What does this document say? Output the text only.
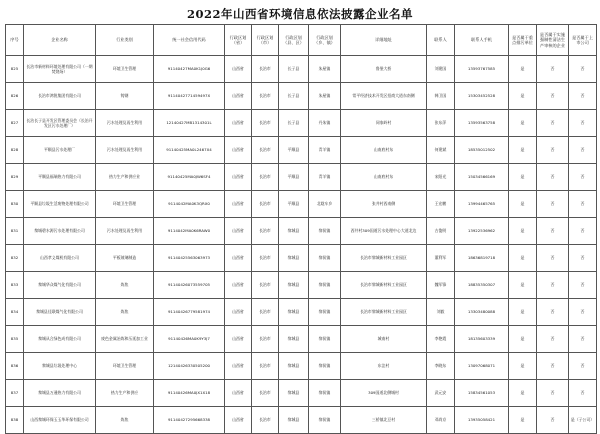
2022年山西省环境信息依法披露企业名单
序号	企业名称	行业类别	统一社会信用代码	行政区划（省）	行政区划（市）	行政区划（县、区）	行政区划（乡、镇）	详细地址	联系人	联系人手机	是否属于重点排污单位	是否属于实施强制性清洁生产审核的企业	是否属于上市公司
825	长治市新材料环境处理有限公司（一期焚烧场）	环境卫生管理	91140427MA0K1J0G6	山西省	长治市	长子县	朱屋镇	鲁堡大桥	刘建国	13593767585	是	否	否
826	长治市鸿锐集团有限公司	铸钢	9114042771459497X	山西省	长治市	长子县	朱屋镇	常平经济技术开发区招商大道东南侧	韩卫国	15303452528	是	否	否
827	长治长子县开发区管理委员会（长治开发区污水处理厂）	污水处理及再生利用	12140427MB1314301L	山西省	长治市	长子县	丹朱镇	同家岭村	张东萍	13593563758	是	否	否
828	平顺县污水处理厂	污水处理及再生利用	91140425MA0L2467X4	山西省	长治市	平顺县	青羊镇	山南底村东	何建斌	18535012502	是	否	否
829	平顺县福瑞热力有限公司	热力生产和供应业	91140425MA0JW6SF4	山西省	长治市	平顺县	青羊镇	山南底村东	宋阳光	15034566169	是	否	否
830	平顺县垃圾生活废物处理有限公司	环境卫生管理	9114042MA0K3QRX0	山西省	长治市	平顺县	北耽车乡	张井村西南侧	王宏鹏	13994465765	是	否	否
831	黎城碧水源污水处理有限公司	污水处理及再生利用	9114042MA0K6RAW0	山西省	长治市	黎城县	黎侯镇	西井村309国道污水处理中心大道北边	古俊明	13922536962	是	否	否
832	山西孝义煤机有限公司	平板玻璃制造	91140425563063973	山西省	长治市	黎城县	黎侯镇	长治市黎城新材料工业园区	董利军	18636819718	是	否	否
833	黎城华众煤气化有限公司	炼焦	91140426073559705	山西省	长治市	黎城县	黎侯镇	长治市黎城新材料工业园区	魏军锋	18835350307	是	否	否
834	黎城县佳联煤气化有限公司	炼焦	91140426779581974	山西省	长治市	黎城县	黎侯镇	长治市黎城新材料工业园区	刘毅	13303480088	是	否	否
835	黎城从合绿色成有限公司	废色金属冶炼和压延加工业	91140426MA0K9Y3J7	山西省	长治市	黎城县	黎侯镇	城南村	李艳霞	18135603339	是	否	否
836	黎城县垃圾处理中心	环境卫生管理	12140426330505200	山西省	长治市	黎城县	黎侯镇	东洼村	李晓东	13097068071	是	否	否
837	黎城县万通热力有限公司	热力生产和供应	91140426MA0JX1X18	山西省	长治市	黎城县	黎侯镇	309国道北侧城村	武元安	15834561053	是	否	否
838	山西黎城环保玉玉华环保有限公司	炼焦	91140427295668338	山西省	长治市	黎城县	黎侯镇	三桥镇北豆村	邓尚京	13935058421	是	否	是（子公司）
